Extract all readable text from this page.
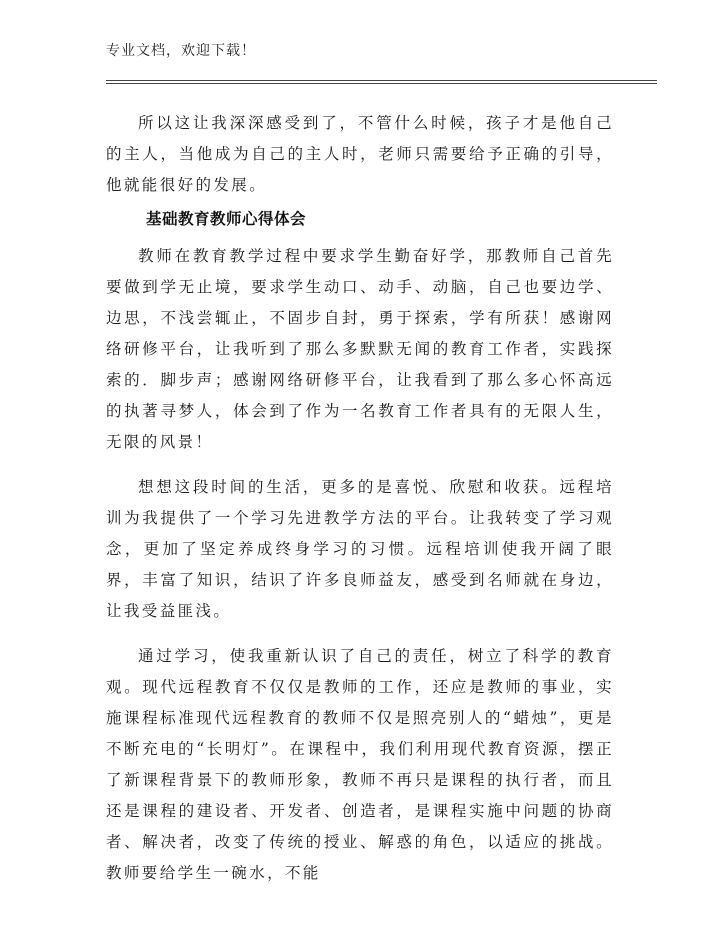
专业文档，欢迎下载！

所以这让我深深感受到了，不管什么时候，孩子才是他自己的主人，当他成为自己的主人时，老师只需要给予正确的引导，他就能很好的发展。

基础教育教师心得体会

教师在教育教学过程中要求学生勤奋好学，那教师自己首先要做到学无止境，要求学生动口、动手、动脑，自己也要边学、边思，不浅尝辄止，不固步自封，勇于探索，学有所获！感谢网络研修平台，让我听到了那么多默默无闻的教育工作者，实践探索的．脚步声；感谢网络研修平台，让我看到了那么多心怀高远的执著寻梦人，体会到了作为一名教育工作者具有的无限人生，无限的风景！

想想这段时间的生活，更多的是喜悦、欣慰和收获。远程培训为我提供了一个学习先进教学方法的平台。让我转变了学习观念，更加了坚定养成终身学习的习惯。远程培训使我开阔了眼界，丰富了知识，结识了许多良师益友，感受到名师就在身边，让我受益匪浅。

通过学习，使我重新认识了自己的责任，树立了科学的教育观。现代远程教育不仅仅是教师的工作，还应是教师的事业，实施课程标准现代远程教育的教师不仅是照亮别人的“蜡烛”，更是不断充电的“长明灯”。在课程中，我们利用现代教育资源，摆正了新课程背景下的教师形象，教师不再只是课程的执行者，而且还是课程的建设者、开发者、创造者，是课程实施中问题的协商者、解决者，改变了传统的授业、解惑的角色，以适应的挑战。教师要给学生一碗水，不能
